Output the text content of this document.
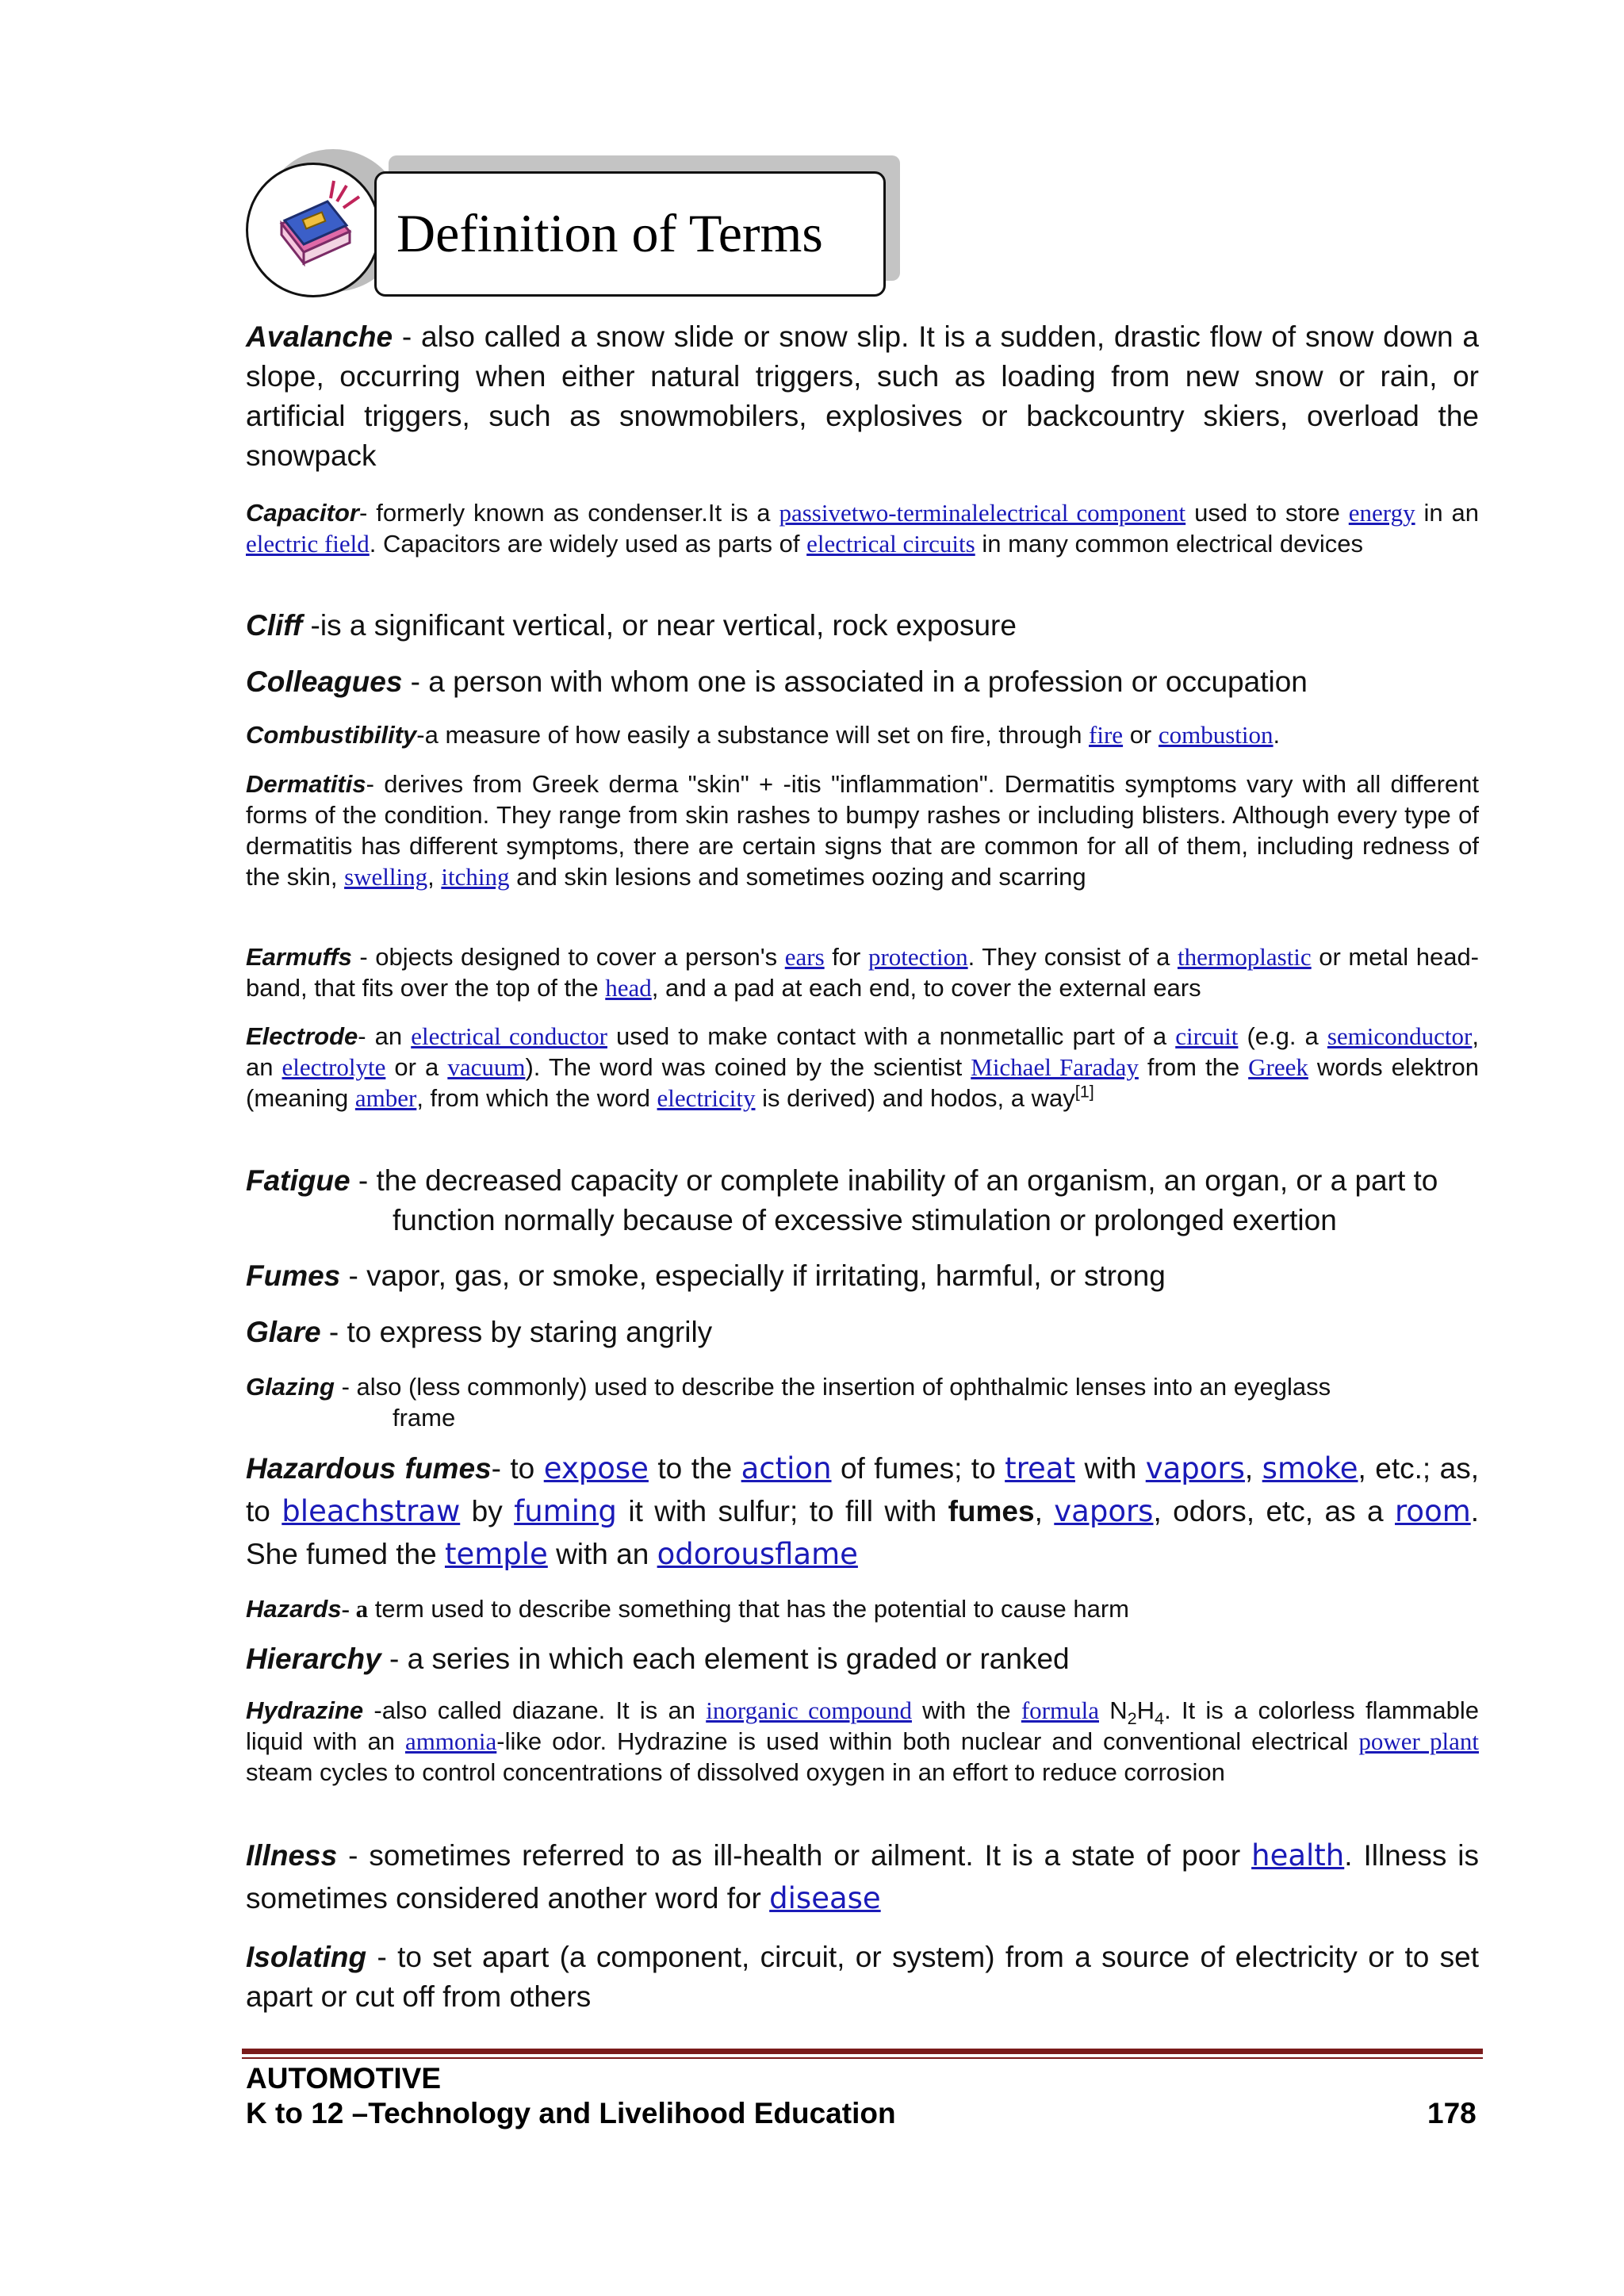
Definition of Terms

Avalanche - also called a snow slide or snow slip. It is a sudden, drastic flow of snow down a slope, occurring when either natural triggers, such as loading from new snow or rain, or artificial triggers, such as snowmobilers, explosives or backcountry skiers, overload the snowpack

Capacitor- formerly known as condenser.It is a passivetwo-terminalelectrical component used to store energy in an electric field. Capacitors are widely used as parts of electrical circuits in many common electrical devices

Cliff -is a significant vertical, or near vertical, rock exposure

Colleagues - a person with whom one is associated in a profession or occupation

Combustibility-a measure of how easily a substance will set on fire, through fire or combustion.

Dermatitis- derives from Greek derma "skin" + -itis "inflammation". Dermatitis symptoms vary with all different forms of the condition. They range from skin rashes to bumpy rashes or including blisters. Although every type of dermatitis has different symptoms, there are certain signs that are common for all of them, including redness of the skin, swelling, itching and skin lesions and sometimes oozing and scarring

Earmuffs - objects designed to cover a person's ears for protection. They consist of a thermoplastic or metal head-band, that fits over the top of the head, and a pad at each end, to cover the external ears

Electrode- an electrical conductor used to make contact with a nonmetallic part of a circuit (e.g. a semiconductor, an electrolyte or a vacuum). The word was coined by the scientist Michael Faraday from the Greek words elektron (meaning amber, from which the word electricity is derived) and hodos, a way[1]

Fatigue - the decreased capacity or complete inability of an organism, an organ, or a part to
function normally because of excessive stimulation or prolonged exertion

Fumes - vapor, gas, or smoke, especially if irritating, harmful, or strong

Glare - to express by staring angrily

Glazing - also (less commonly) used to describe the insertion of ophthalmic lenses into an eyeglass
frame

Hazardous fumes- to expose to the action of fumes; to treat with vapors, smoke, etc.; as, to bleachstraw by fuming it with sulfur; to fill with fumes, vapors, odors, etc, as a room. She fumed the temple with an odorousflame

Hazards- a term used to describe something that has the potential to cause harm

Hierarchy - a series in which each element is graded or ranked

Hydrazine -also called diazane. It is an inorganic compound with the formula $N_2H_4$. It is a colorless flammable liquid with an ammonia-like odor. Hydrazine is used within both nuclear and conventional electrical power plant steam cycles to control concentrations of dissolved oxygen in an effort to reduce corrosion

Illness - sometimes referred to as ill-health or ailment. It is a state of poor health. Illness is sometimes considered another word for disease

Isolating - to set apart (a component, circuit, or system) from a source of electricity or to set apart or cut off from others

AUTOMOTIVE
K to 12 –Technology and Livelihood Education	178
